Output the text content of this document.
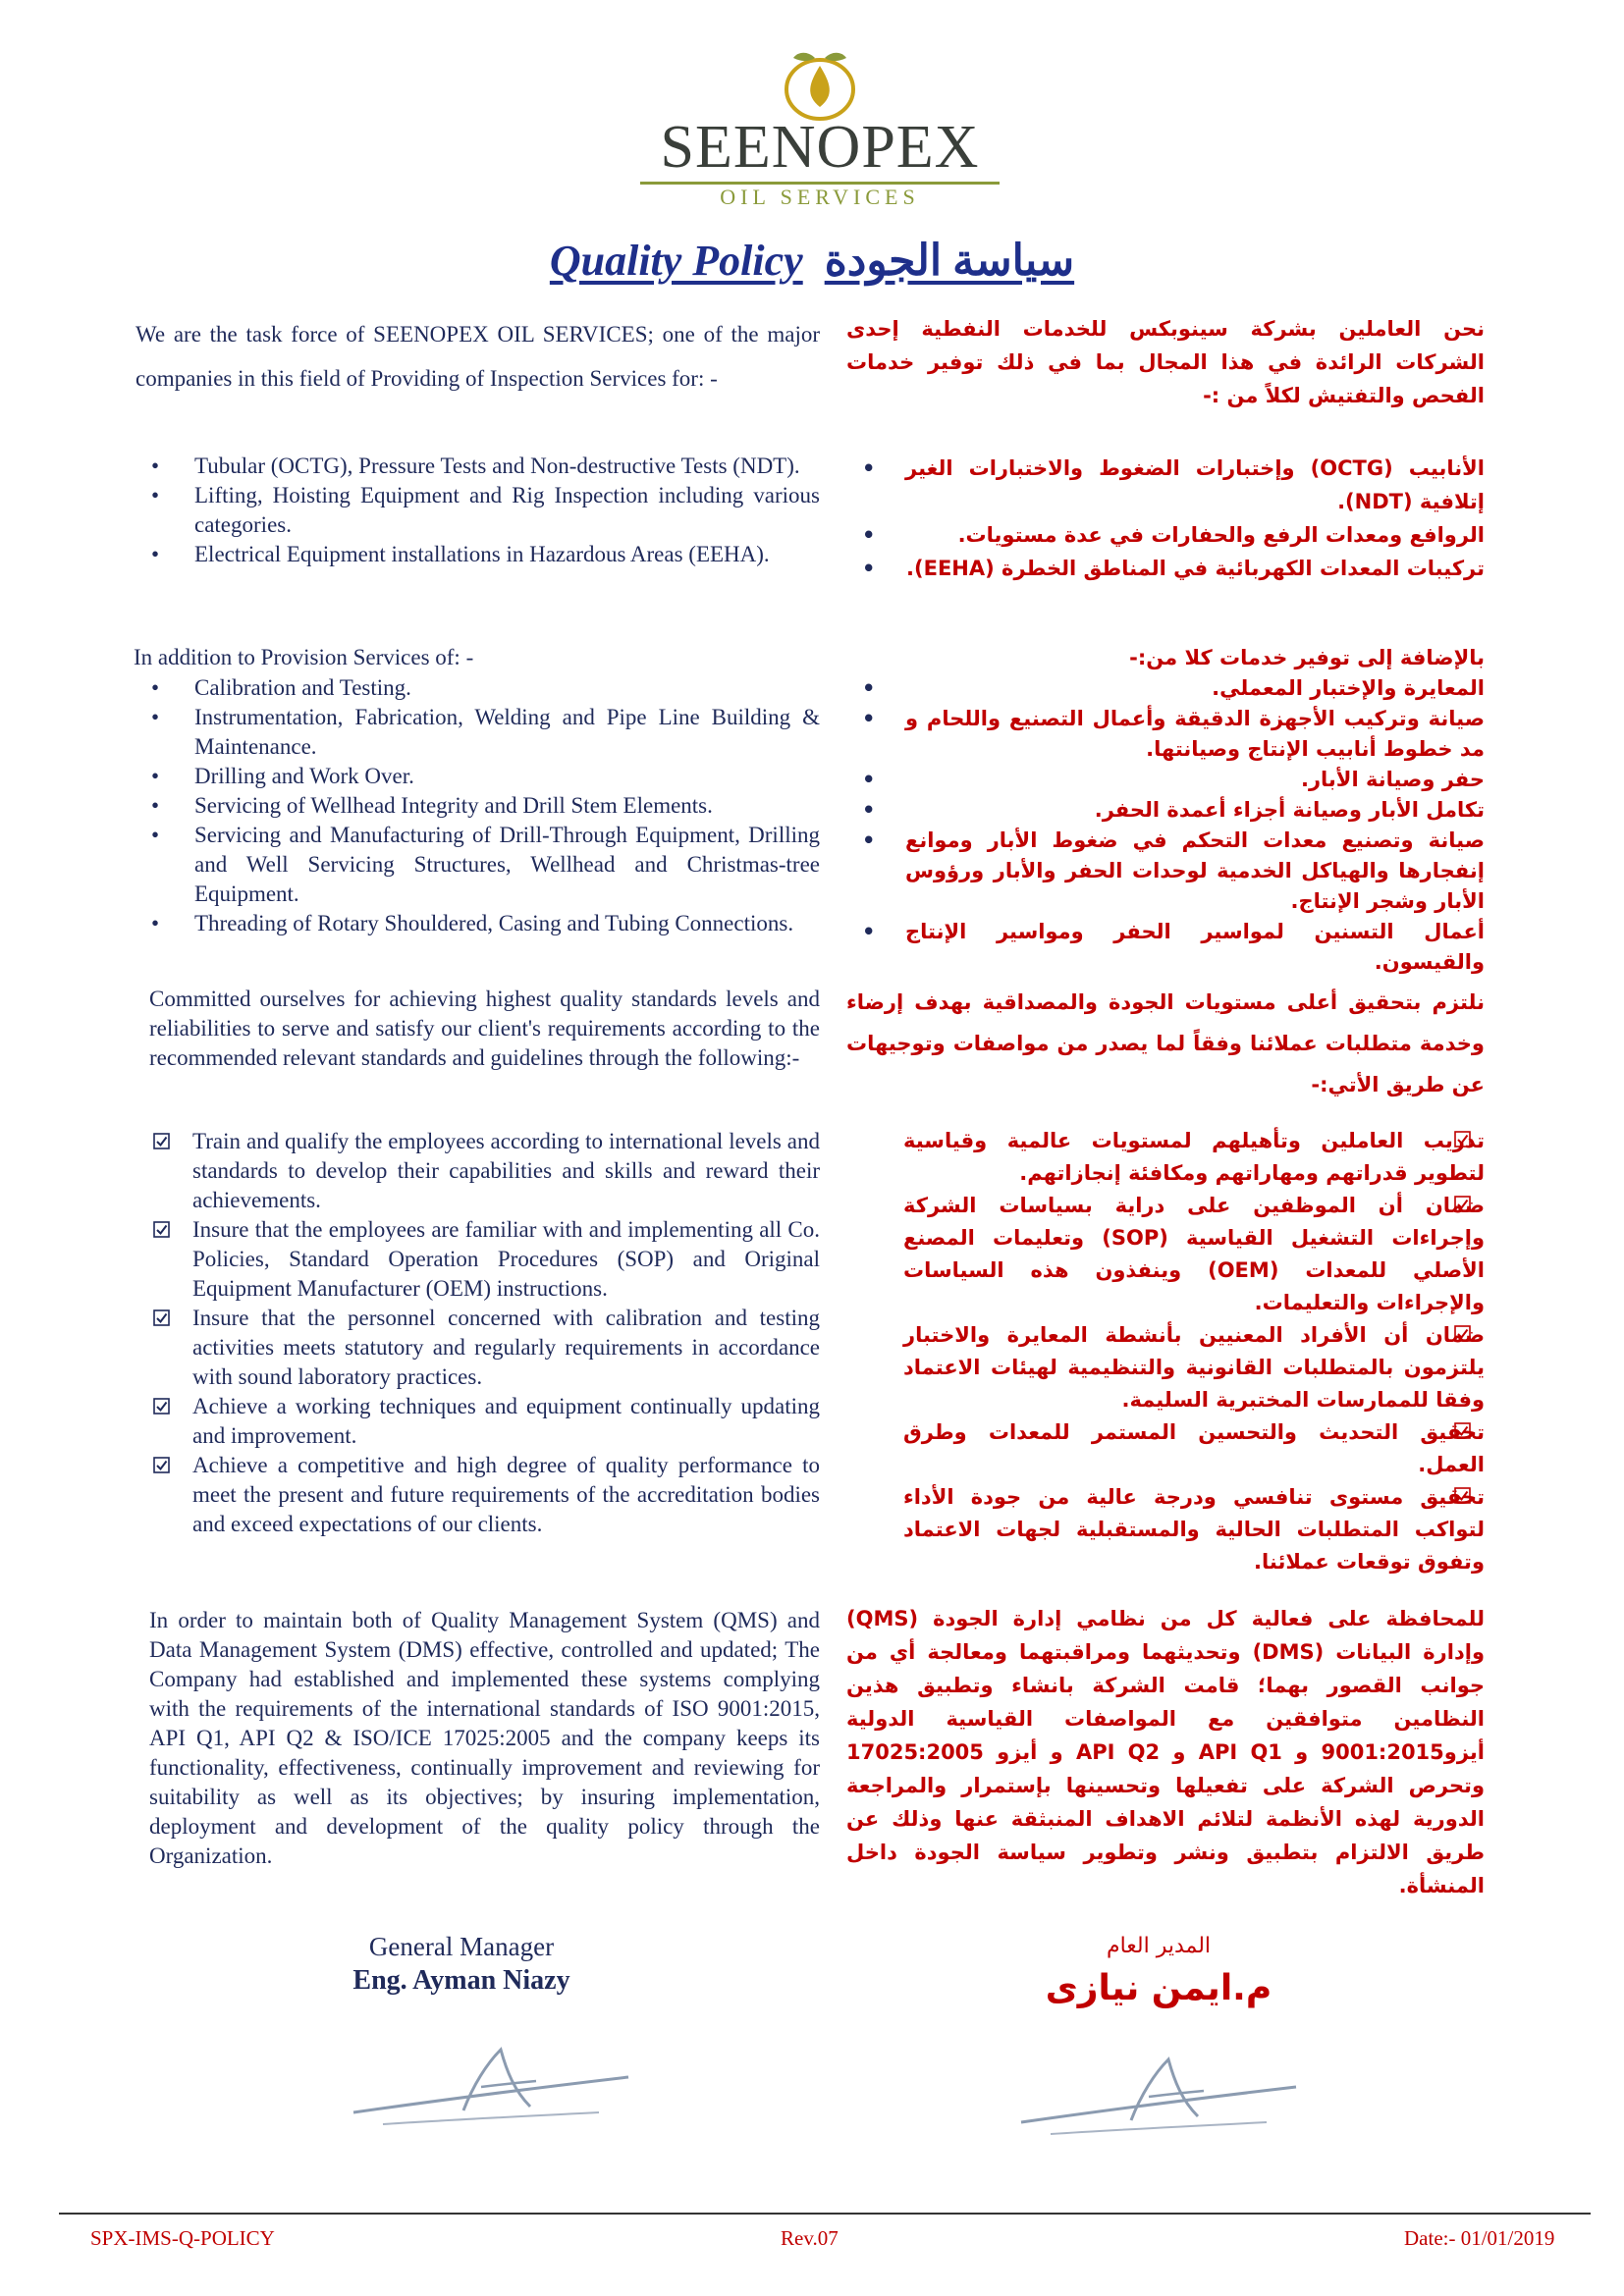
SEENOPEX
OIL SERVICES
Quality Policy سياسة الجودة
We are the task force of SEENOPEX OIL SERVICES; one of the major companies in this field of Providing of Inspection Services for: -
• Tubular (OCTG), Pressure Tests and Non-destructive Tests (NDT).
• Lifting, Hoisting Equipment and Rig Inspection including various categories.
• Electrical Equipment installations in Hazardous Areas (EEHA).
In addition to Provision Services of: -
• Calibration and Testing.
• Instrumentation, Fabrication, Welding and Pipe Line Building & Maintenance.
• Drilling and Work Over.
• Servicing of Wellhead Integrity and Drill Stem Elements.
• Servicing and Manufacturing of Drill-Through Equipment, Drilling and Well Servicing Structures, Wellhead and Christmas-tree Equipment.
• Threading of Rotary Shouldered, Casing and Tubing Connections.
Committed ourselves for achieving highest quality standards levels and reliabilities to serve and satisfy our client's requirements according to the recommended relevant standards and guidelines through the following:-
Train and qualify the employees according to international levels and standards to develop their capabilities and skills and reward their achievements.
Insure that the employees are familiar with and implementing all Co. Policies, Standard Operation Procedures (SOP) and Original Equipment Manufacturer (OEM) instructions.
Insure that the personnel concerned with calibration and testing activities meets statutory and regularly requirements in accordance with sound laboratory practices.
Achieve a working techniques and equipment continually updating and improvement.
Achieve a competitive and high degree of quality performance to meet the present and future requirements of the accreditation bodies and exceed expectations of our clients.
In order to maintain both of Quality Management System (QMS) and Data Management System (DMS) effective, controlled and updated; The Company had established and implemented these systems complying with the requirements of the international standards of ISO 9001:2015, API Q1, API Q2 & ISO/ICE 17025:2005 and the company keeps its functionality, effectiveness, continually improvement and reviewing for suitability as well as its objectives; by insuring implementation, deployment and development of the quality policy through the Organization.
نحن العاملين بشركة سينوبكس للخدمات النفطية إحدى الشركات الرائدة في هذا المجال بما في ذلك توفير خدمات الفحص والتفتيش لكلاً من :-
• الأنابيب (OCTG) وإختبارات الضغوط والاختبارات الغير إتلافية (NDT).
• الروافع ومعدات الرفع والحفارات في عدة مستويات.
• تركيبات المعدات الكهربائية في المناطق الخطرة (EEHA).
بالإضافة إلى توفير خدمات كلا من:-
• المعايرة والإختبار المعملي.
• صيانة وتركيب الأجهزة الدقيقة وأعمال التصنيع واللحام و مد خطوط أنابيب الإنتاج وصيانتها.
• حفر وصيانة الأبار.
• تكامل الأبار وصيانة أجزاء أعمدة الحفر.
• صيانة وتصنيع معدات التحكم في ضغوط الأبار وموانع إنفجارها والهياكل الخدمية لوحدات الحفر والأبار ورؤوس الأبار وشجر الإنتاج.
• أعمال التسنين لمواسير الحفر ومواسير الإنتاج والقيسون.
نلتزم بتحقيق أعلى مستويات الجودة والمصداقية بهدف إرضاء وخدمة متطلبات عملائنا وفقاً لما يصدر من مواصفات وتوجيهات عن طريق الأتي:-
تدريب العاملين وتأهيلهم لمستويات عالمية وقياسية لتطوير قدراتهم ومهاراتهم ومكافئة إنجازاتهم.
ضمان أن الموظفين على دراية بسياسات الشركة وإجراءات التشغيل القياسية (SOP) وتعليمات المصنع الأصلي للمعدات (OEM) وينفذون هذه السياسات والإجراءات والتعليمات.
ضمان أن الأفراد المعنيين بأنشطة المعايرة والاختبار يلتزمون بالمتطلبات القانونية والتنظيمية لهيئات الاعتماد وفقا للممارسات المختبرية السليمة.
تحقيق التحديث والتحسين المستمر للمعدات وطرق العمل.
تحقيق مستوى تنافسي ودرجة عالية من جودة الأداء لتواكب المتطلبات الحالية والمستقبلية لجهات الاعتماد وتفوق توقعات عملائنا.
للمحافظة على فعالية كل من نظامي إدارة الجودة (QMS) وإدارة البيانات (DMS) وتحديثهما ومراقبتهما ومعالجة أي من جوانب القصور بهما؛ قامت الشركة بانشاء وتطبيق هذين النظامين متوافقين مع المواصفات القياسية الدولية أيزو9001:2015 و API Q1 و API Q2 و أيزو 17025:2005 وتحرص الشركة على تفعيلها وتحسينها بإستمرار والمراجعة الدورية لهذه الأنظمة لتلائم الاهداف المنبثقة عنها وذلك عن طريق الالتزام بتطبيق ونشر وتطوير سياسة الجودة داخل المنشأة.
General Manager
Eng. Ayman Niazy
المدير العام
م.ايمن نيازى
SPX-IMS-Q-POLICY	Rev.07	Date:- 01/01/2019
